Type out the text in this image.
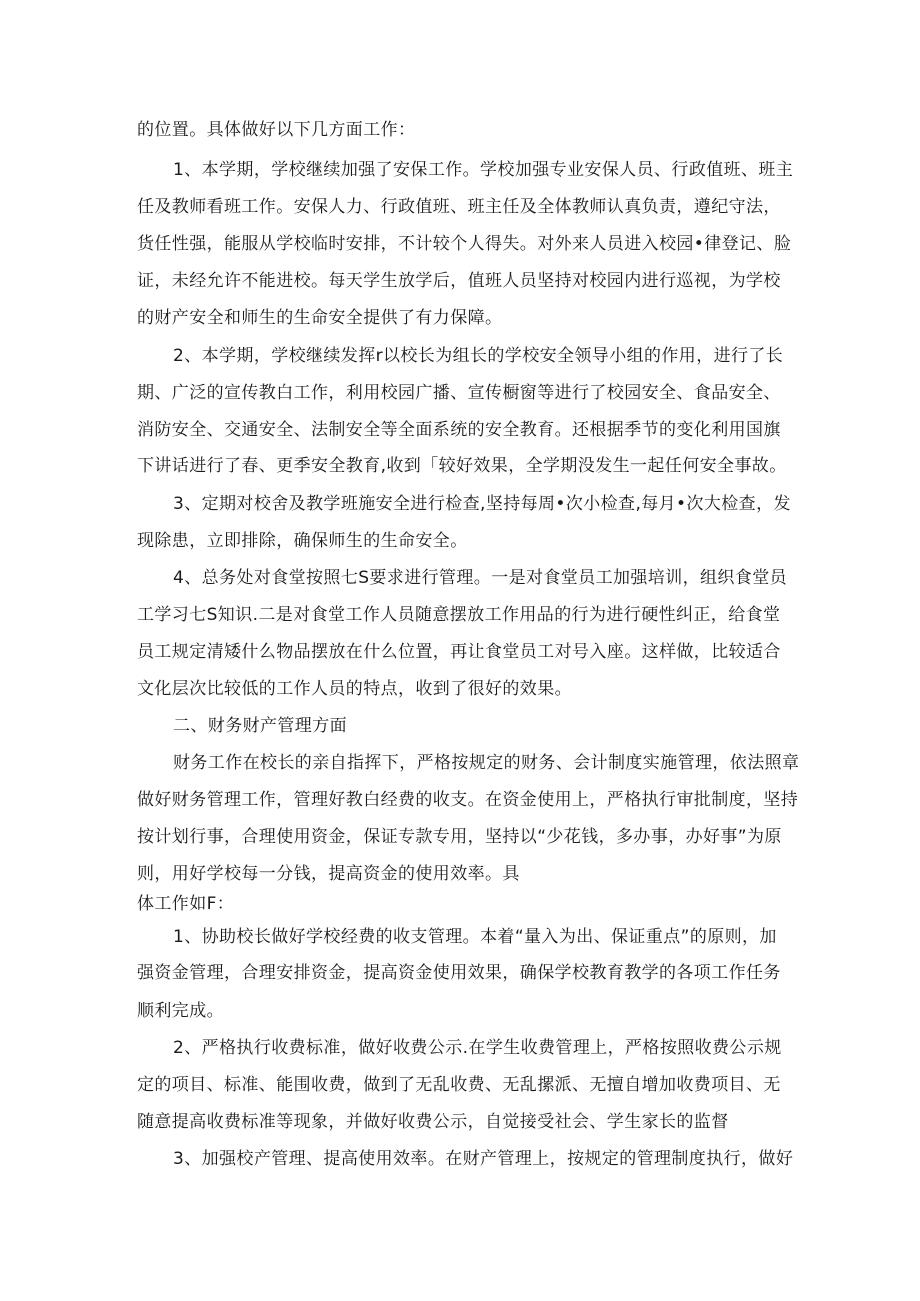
的位置。具体做好以下几方面工作：
1、本学期，学校继续加强了安保工作。学校加强专业安保人员、行政值班、班主
任及教师看班工作。安保人力、行政值班、班主任及全体教师认真负责，遵纪守法，
货任性强，能服从学校临时安排，不计较个人得失。对外来人员进入校园•律登记、脸
证，未经允许不能进校。每天学生放学后，值班人员坚持对校园内进行巡视，为学校
的财产安全和师生的生命安全提供了有力保障。
2、本学期，学校继续发挥r以校长为组长的学校安全领导小组的作用，进行了长
期、广泛的宣传教白工作，利用校园广播、宣传橱窗等进行了校园安全、食品安全、
消防安全、交通安全、法制安全等全面系统的安全教育。还根据季节的变化利用国旗
下讲话进行了春、更季安全教育,收到「较好效果，全学期没发生一起任何安全事故。
3、定期对校舍及教学班施安全进行检查,坚持每周•次小检查,每月•次大检查，发
现除患，立即排除，确保师生的生命安全。
4、总务处对食堂按照七S要求进行管理。一是对食堂员工加强培训，组织食堂员
工学习七S知识.二是对食堂工作人员随意摆放工作用品的行为进行硬性纠正，给食堂
员工规定清矮什么物品摆放在什么位置，再让食堂员工对号入座。这样做，比较适合
文化层次比较低的工作人员的特点，收到了很好的效果。
二、财务财产管理方面
财务工作在校长的亲自指挥下，严格按规定的财务、会计制度实施管理，依法照章
做好财务管理工作，管理好教白经费的收支。在资金使用上，严格执行审批制度，坚持
按计划行事，合理使用资金，保证专款专用，坚持以“少花钱，多办事，办好事”为原
则，用好学校每一分钱，提高资金的使用效率。具
体工作如F：
1、协助校长做好学校经费的收支管理。本着“量入为出、保证重点”的原则，加
强资金管理，合理安排资金，提高资金使用效果，确保学校教育教学的各项工作任务
顺利完成。
2、严格执行收费标准，做好收费公示.在学生收费管理上，严格按照收费公示规
定的项目、标准、能围收费，做到了无乱收费、无乱摞派、无擅自增加收费项目、无
随意提高收费标准等现象，并做好收费公示，自觉接受社会、学生家长的监督
3、加强校产管理、提高使用效率。在财产管理上，按规定的管理制度执行，做好
